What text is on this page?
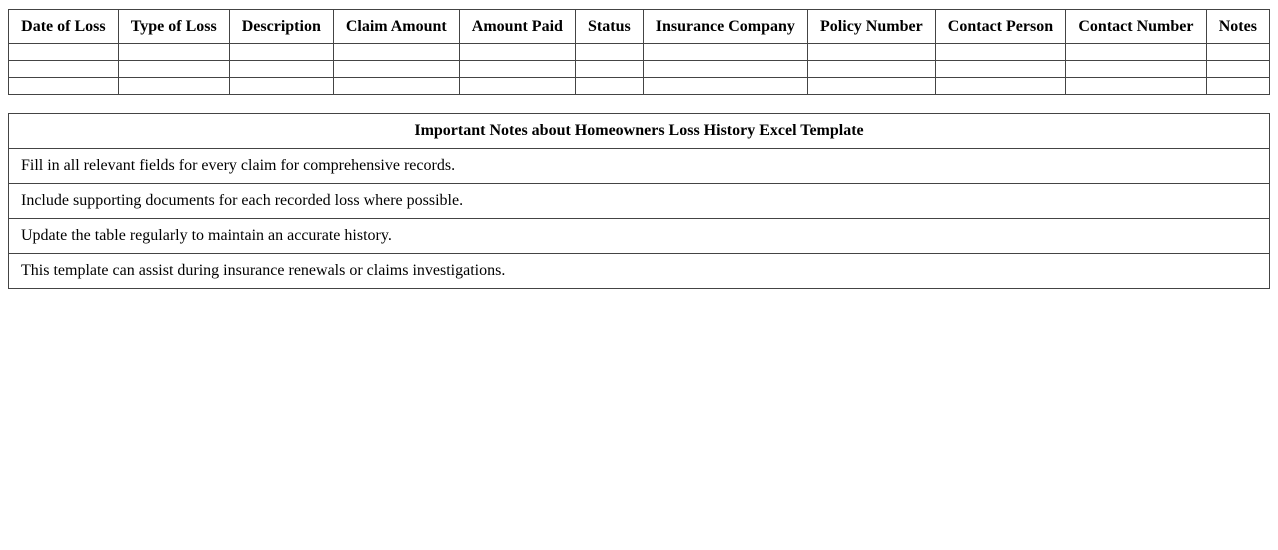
Date of Loss	Type of Loss	Description	Claim Amount	Amount Paid	Status	Insurance Company	Policy Number	Contact Person	Contact Number	Notes

Important Notes about Homeowners Loss History Excel Template
Fill in all relevant fields for every claim for comprehensive records.
Include supporting documents for each recorded loss where possible.
Update the table regularly to maintain an accurate history.
This template can assist during insurance renewals or claims investigations.
